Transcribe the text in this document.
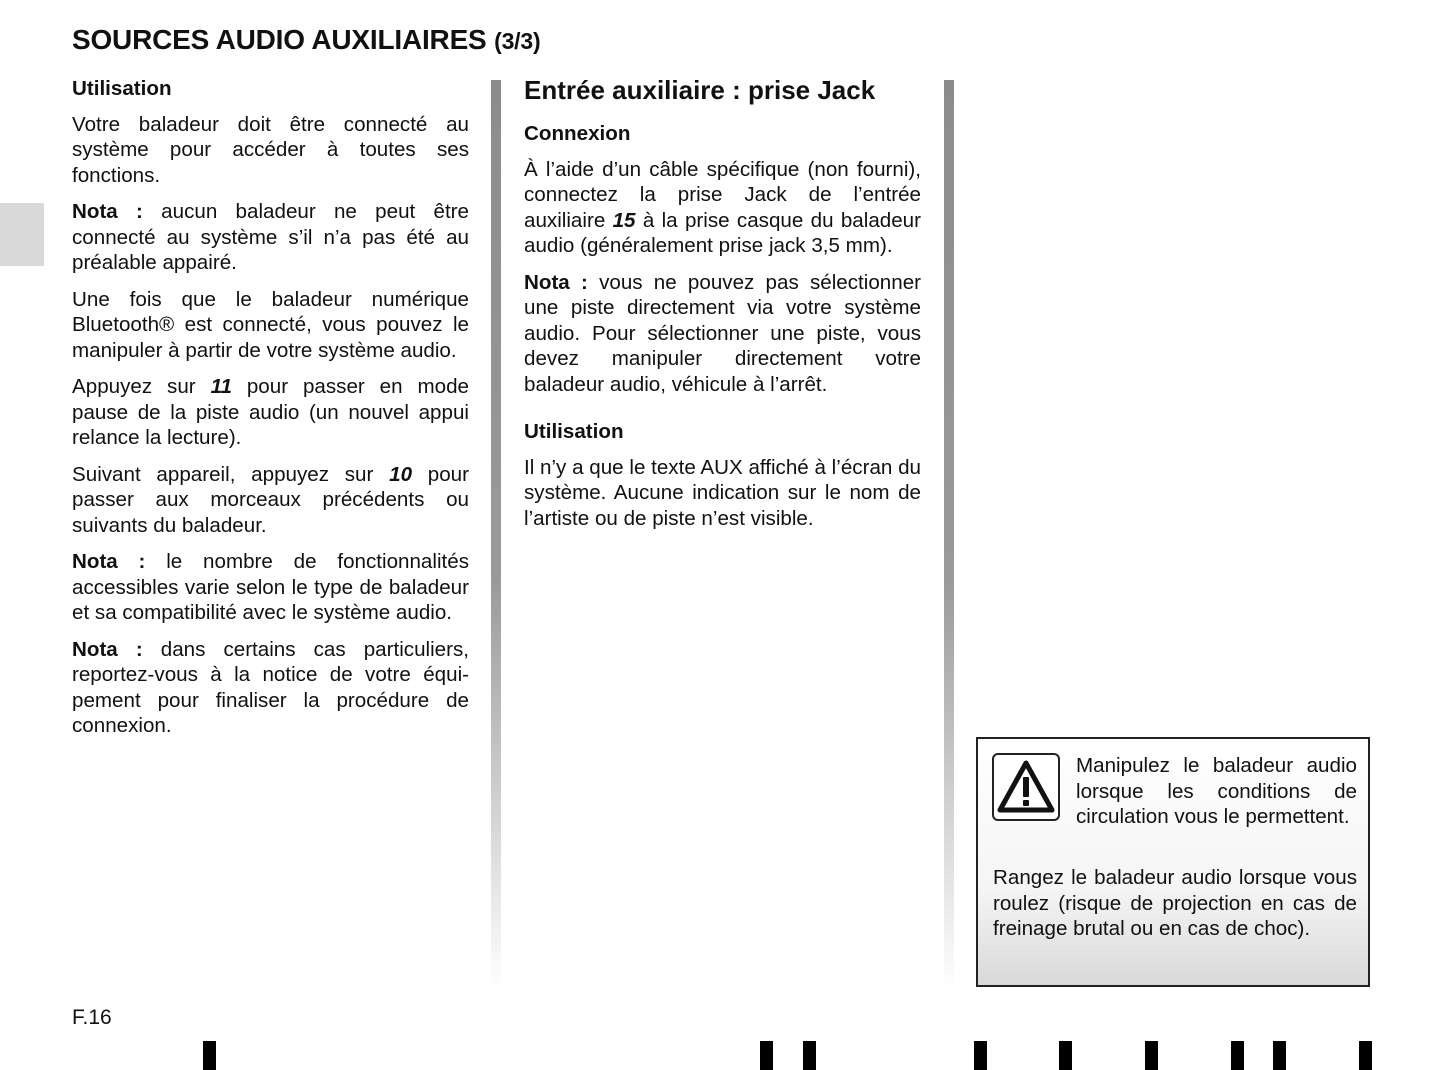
SOURCES AUDIO AUXILIAIRES (3/3)
Utilisation

Votre baladeur doit être connecté au système pour accéder à toutes ses fonctions.

Nota : aucun baladeur ne peut être connecté au système s’il n’a pas été au préalable appairé.

Une fois que le baladeur numérique Bluetooth® est connecté, vous pouvez le manipuler à partir de votre système audio.

Appuyez sur 11 pour passer en mode pause de la piste audio (un nouvel appui relance la lecture).

Suivant appareil, appuyez sur 10 pour passer aux morceaux précédents ou suivants du baladeur.

Nota : le nombre de fonctionnalités accessibles varie selon le type de baladeur et sa compatibilité avec le système audio.

Nota : dans certains cas particuliers, reportez-vous à la notice de votre équipement pour finaliser la procédure de connexion.

Entrée auxiliaire : prise Jack
Connexion

À l’aide d’un câble spécifique (non fourni), connectez la prise Jack de l’entrée auxiliaire 15 à la prise casque du baladeur audio (généralement prise jack 3,5 mm).

Nota : vous ne pouvez pas sélectionner une piste directement via votre système audio. Pour sélectionner une piste, vous devez manipuler directement votre baladeur audio, véhicule à l’arrêt.

Utilisation

Il n’y a que le texte AUX affiché à l’écran du système. Aucune indication sur le nom de l’artiste ou de piste n’est visible.

Manipulez le baladeur audio lorsque les conditions de circulation vous le permettent.

Rangez le baladeur audio lorsque vous roulez (risque de projection en cas de freinage brutal ou en cas de choc).

F.16
